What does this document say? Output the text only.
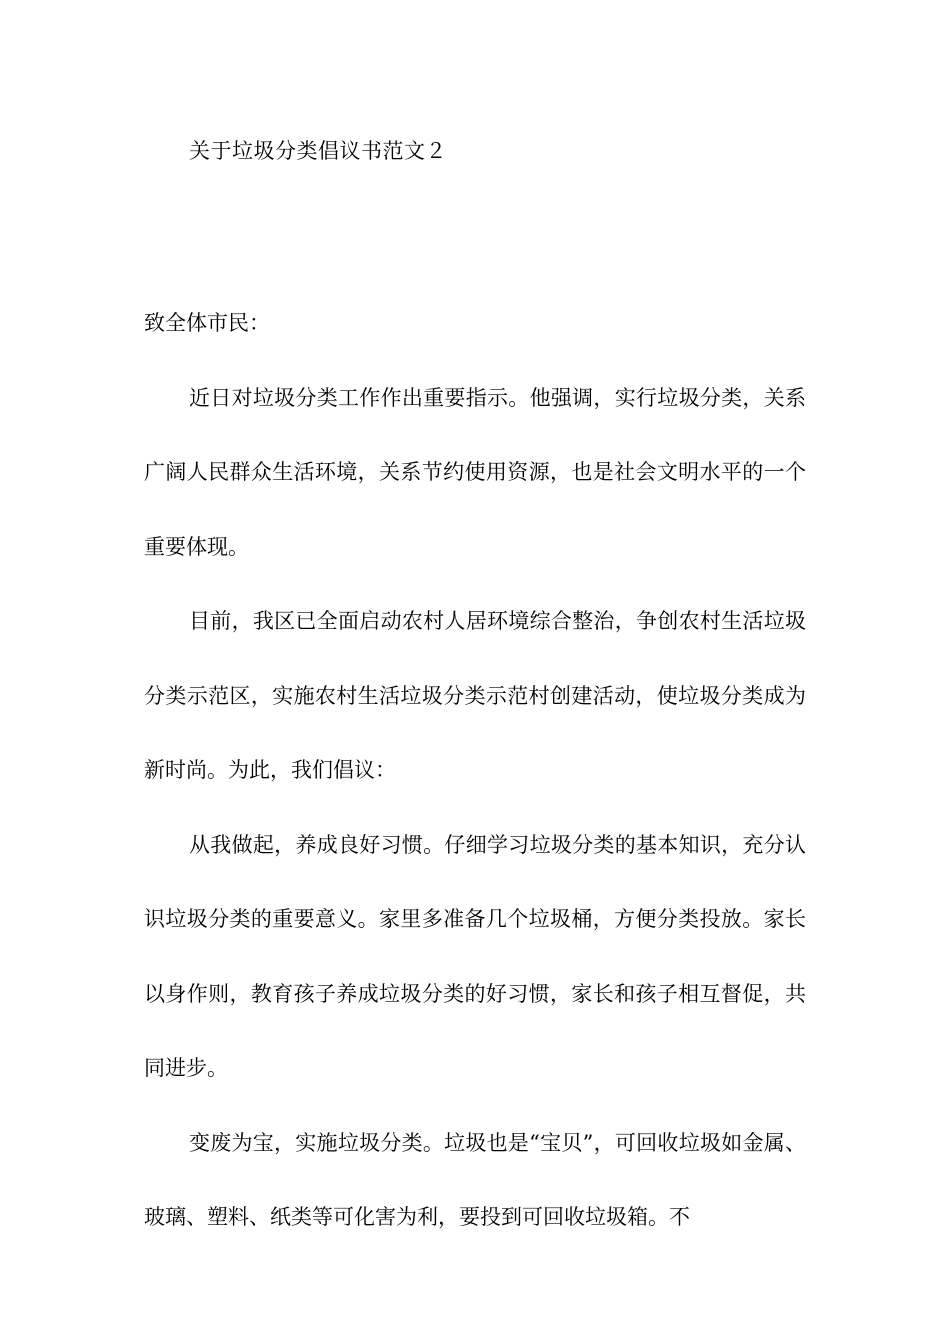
关于垃圾分类倡议书范文２

致全体市民：

近日对垃圾分类工作作出重要指示。他强调，实行垃圾分类，关系广阔人民群众生活环境，关系节约使用资源，也是社会文明水平的一个重要体现。

目前，我区已全面启动农村人居环境综合整治，争创农村生活垃圾分类示范区，实施农村生活垃圾分类示范村创建活动，使垃圾分类成为新时尚。为此，我们倡议：

从我做起，养成良好习惯。仔细学习垃圾分类的基本知识，充分认识垃圾分类的重要意义。家里多准备几个垃圾桶，方便分类投放。家长以身作则，教育孩子养成垃圾分类的好习惯，家长和孩子相互督促，共同进步。

变废为宝，实施垃圾分类。垃圾也是“宝贝”，可回收垃圾如金属、玻璃、塑料、纸类等可化害为利，要投到可回收垃圾箱。不
